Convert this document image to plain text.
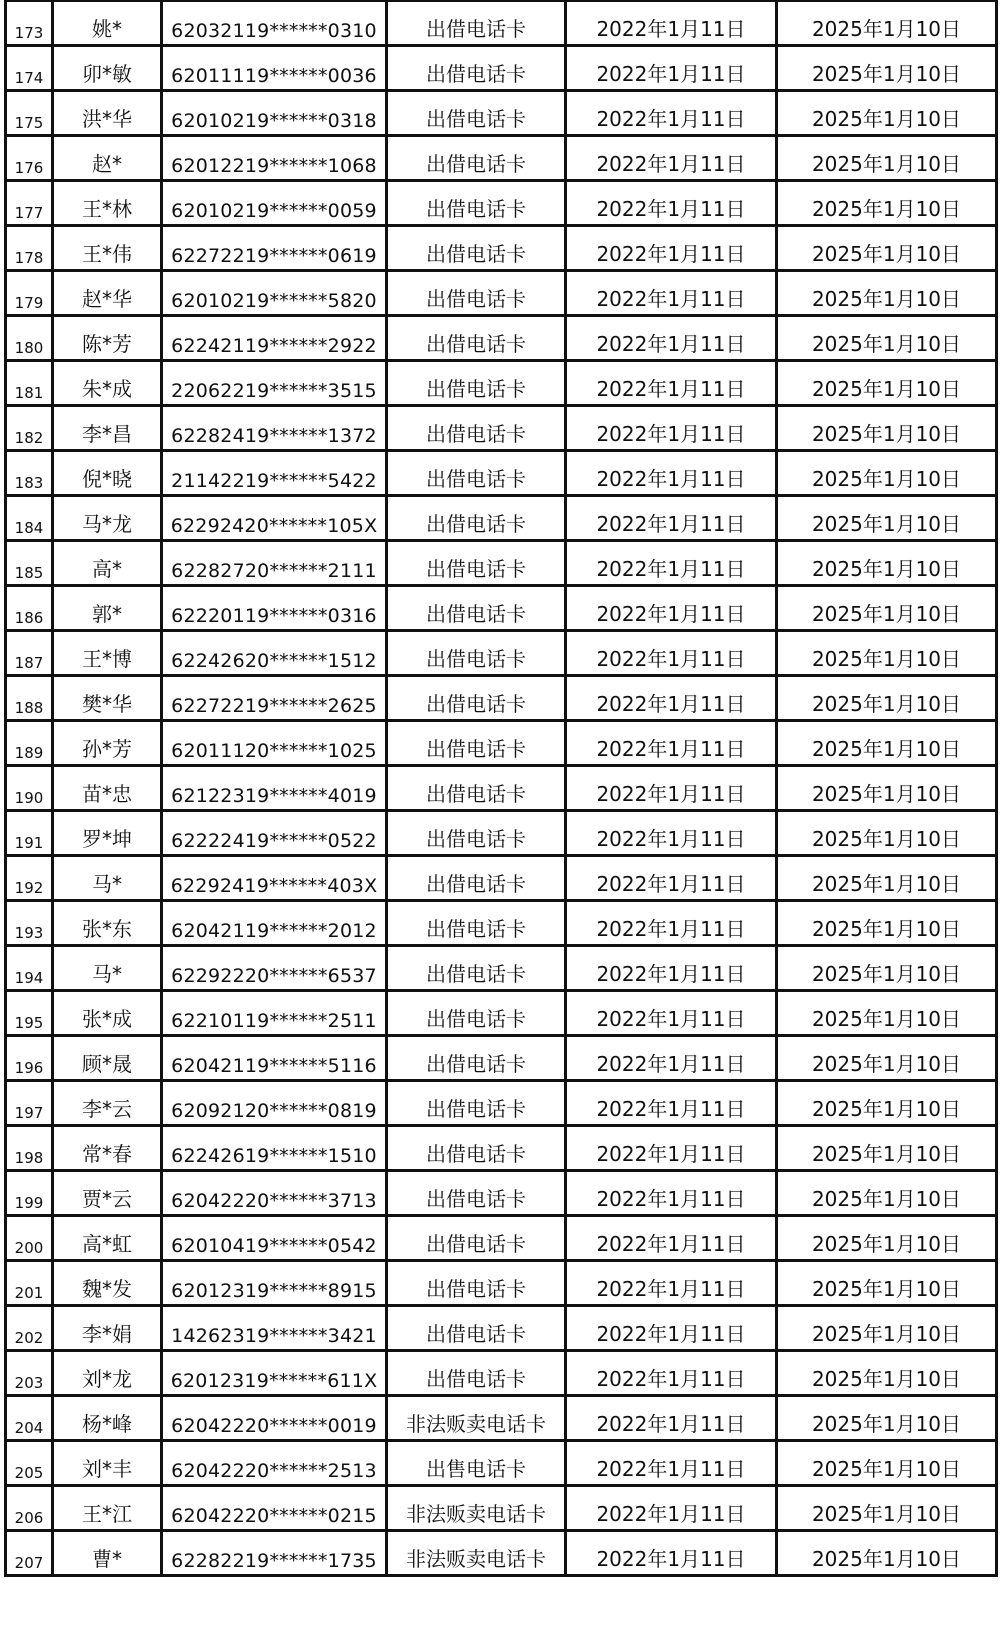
173	姚*	62032119******0310	出借电话卡	2022年1月11日	2025年1月10日
174	卯*敏	62011119******0036	出借电话卡	2022年1月11日	2025年1月10日
175	洪*华	62010219******0318	出借电话卡	2022年1月11日	2025年1月10日
176	赵*	62012219******1068	出借电话卡	2022年1月11日	2025年1月10日
177	王*林	62010219******0059	出借电话卡	2022年1月11日	2025年1月10日
178	王*伟	62272219******0619	出借电话卡	2022年1月11日	2025年1月10日
179	赵*华	62010219******5820	出借电话卡	2022年1月11日	2025年1月10日
180	陈*芳	62242119******2922	出借电话卡	2022年1月11日	2025年1月10日
181	朱*成	22062219******3515	出借电话卡	2022年1月11日	2025年1月10日
182	李*昌	62282419******1372	出借电话卡	2022年1月11日	2025年1月10日
183	倪*晓	21142219******5422	出借电话卡	2022年1月11日	2025年1月10日
184	马*龙	62292420******105X	出借电话卡	2022年1月11日	2025年1月10日
185	高*	62282720******2111	出借电话卡	2022年1月11日	2025年1月10日
186	郭*	62220119******0316	出借电话卡	2022年1月11日	2025年1月10日
187	王*博	62242620******1512	出借电话卡	2022年1月11日	2025年1月10日
188	樊*华	62272219******2625	出借电话卡	2022年1月11日	2025年1月10日
189	孙*芳	62011120******1025	出借电话卡	2022年1月11日	2025年1月10日
190	苗*忠	62122319******4019	出借电话卡	2022年1月11日	2025年1月10日
191	罗*坤	62222419******0522	出借电话卡	2022年1月11日	2025年1月10日
192	马*	62292419******403X	出借电话卡	2022年1月11日	2025年1月10日
193	张*东	62042119******2012	出借电话卡	2022年1月11日	2025年1月10日
194	马*	62292220******6537	出借电话卡	2022年1月11日	2025年1月10日
195	张*成	62210119******2511	出借电话卡	2022年1月11日	2025年1月10日
196	顾*晟	62042119******5116	出借电话卡	2022年1月11日	2025年1月10日
197	李*云	62092120******0819	出借电话卡	2022年1月11日	2025年1月10日
198	常*春	62242619******1510	出借电话卡	2022年1月11日	2025年1月10日
199	贾*云	62042220******3713	出借电话卡	2022年1月11日	2025年1月10日
200	高*虹	62010419******0542	出借电话卡	2022年1月11日	2025年1月10日
201	魏*发	62012319******8915	出借电话卡	2022年1月11日	2025年1月10日
202	李*娟	14262319******3421	出借电话卡	2022年1月11日	2025年1月10日
203	刘*龙	62012319******611X	出借电话卡	2022年1月11日	2025年1月10日
204	杨*峰	62042220******0019	非法贩卖电话卡	2022年1月11日	2025年1月10日
205	刘*丰	62042220******2513	出售电话卡	2022年1月11日	2025年1月10日
206	王*江	62042220******0215	非法贩卖电话卡	2022年1月11日	2025年1月10日
207	曹*	62282219******1735	非法贩卖电话卡	2022年1月11日	2025年1月10日
